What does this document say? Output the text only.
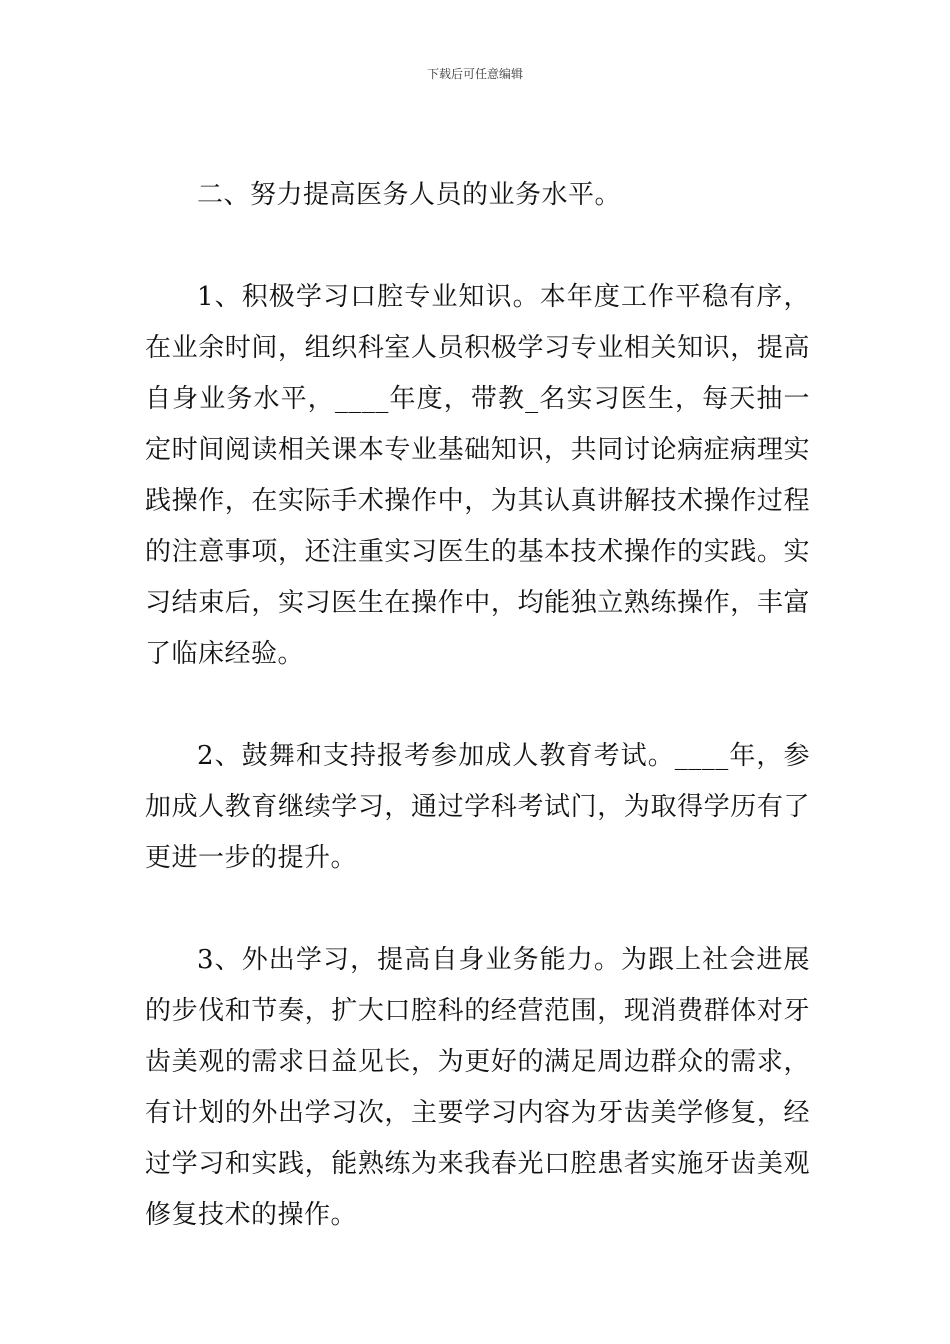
下载后可任意编辑

二、努力提高医务人员的业务水平。

1、积极学习口腔专业知识。本年度工作平稳有序，在业余时间，组织科室人员积极学习专业相关知识，提高自身业务水平，____年度，带教_名实习医生，每天抽一定时间阅读相关课本专业基础知识，共同讨论病症病理实践操作，在实际手术操作中，为其认真讲解技术操作过程的注意事项，还注重实习医生的基本技术操作的实践。实习结束后，实习医生在操作中，均能独立熟练操作，丰富了临床经验。

2、鼓舞和支持报考参加成人教育考试。____年，参加成人教育继续学习，通过学科考试门，为取得学历有了更进一步的提升。

3、外出学习，提高自身业务能力。为跟上社会进展的步伐和节奏，扩大口腔科的经营范围，现消费群体对牙齿美观的需求日益见长，为更好的满足周边群众的需求，有计划的外出学习次，主要学习内容为牙齿美学修复，经过学习和实践，能熟练为来我春光口腔患者实施牙齿美观修复技术的操作。
